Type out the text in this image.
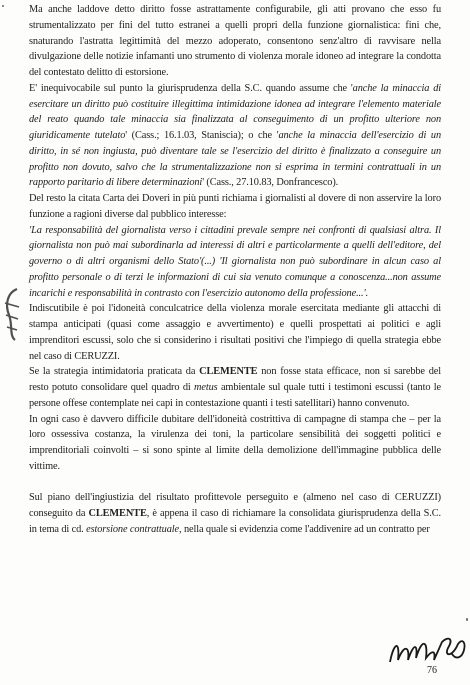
Ma anche laddove detto diritto fosse astrattamente configurabile, gli atti provano che esso fu strumentalizzato per fini del tutto estranei a quelli propri della funzione giornalistica: fini che, snaturando l'astratta legittimità del mezzo adoperato, consentono senz'altro di ravvisare nella divulgazione delle notizie infamanti uno strumento di violenza morale idoneo ad integrare la condotta del contestato delitto di estorsione.

E' inequivocabile sul punto la giurisprudenza della S.C. quando assume che 'anche la minaccia di esercitare un diritto può costituire illegittima intimidazione idonea ad integrare l'elemento materiale del reato quando tale minaccia sia finalizzata al conseguimento di un profitto ulteriore non giuridicamente tutelato' (Cass.; 16.1.03, Staniscia); o che 'anche la minaccia dell'esercizio di un diritto, in sé non ingiusta, può diventare tale se l'esercizio del diritto è finalizzato a conseguire un profitto non dovuto, salvo che la strumentalizzazione non si esprima in termini contrattuali in un rapporto paritario di libere determinazioni' (Cass., 27.10.83, Donfrancesco).

Del resto la citata Carta dei Doveri in più punti richiama i giornalisti al dovere di non asservire la loro funzione a ragioni diverse dal pubblico interesse:

'La responsabilità del giornalista verso i cittadini prevale sempre nei confronti di qualsiasi altra. Il giornalista non può mai subordinarla ad interessi di altri e particolarmente a quelli dell'editore, del governo o di altri organismi dello Stato'(...) 'Il giornalista non può subordinare in alcun caso al profitto personale o di terzi le informazioni di cui sia venuto comunque a conoscenza...non assume incarichi e responsabilità in contrasto con l'esercizio autonomo della professione...'.

Indiscutibile è poi l'idoneità conculcatrice della violenza morale esercitata mediante gli attacchi di stampa anticipati (quasi come assaggio e avvertimento) e quelli prospettati ai politici e agli imprenditori escussi, solo che si considerino i risultati positivi che l'impiego di quella strategia ebbe nel caso di CERUZZI.

Se la strategia intimidatoria praticata da CLEMENTE non fosse stata efficace, non si sarebbe del resto potuto consolidare quel quadro di metus ambientale sul quale tutti i testimoni escussi (tanto le persone offese contemplate nei capi in contestazione quanti i testi satellitari) hanno convenuto.

In ogni caso è davvero difficile dubitare dell'idoneità costrittiva di campagne di stampa che – per la loro ossessiva costanza, la virulenza dei toni, la particolare sensibilità dei soggetti politici e imprenditoriali coinvolti – si sono spinte al limite della demolizione dell'immagine pubblica delle vittime.

Sul piano dell'ingiustizia del risultato profittevole perseguito e (almeno nel caso di CERUZZI) conseguito da CLEMENTE, è appena il caso di richiamare la consolidata giurisprudenza della S.C. in tema di cd. estorsione contrattuale, nella quale si evidenzia come l'addivenire ad un contratto per

76
